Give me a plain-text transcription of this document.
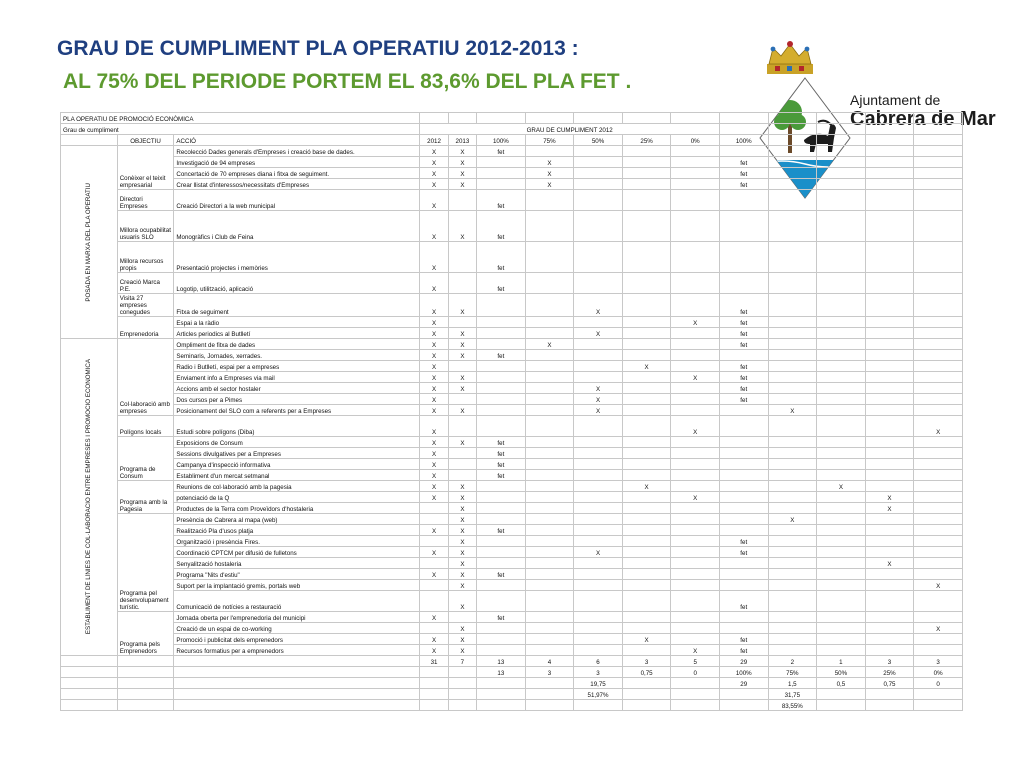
GRAU DE CUMPLIMENT PLA OPERATIU 2012-2013 :
AL 75% DEL PERIODE PORTEM EL 83,6% DEL PLA FET .
Ajuntament de
Cabrera de Mar
PLA OPERATIU DE PROMOCIÓ ECONÒMICA														
Grau de cumpliment			GRAU DE CUMPLIMENT 2012											
	OBJECTIU	ACCIÓ	2012	2013	100%	75%	50%	25%	0%	100%				

POSADA EN MARXA DEL PLA OPERATIU	Conèixer el teixit empresarial	Recolecció Dades generals d'Empreses i creació base de dades.	X	X	fet									
		Investigació de 94 empreses	X	X		X				fet				
		Concertació de 70 empreses diana i fitxa de seguiment.	X	X		X				fet				
		Crear llistat d'interessos/necessitats d'Empreses	X	X		X				fet				
	Directori Empreses	Creació Directori a la web municipal	X		fet									
	Millora ocupabilitat usuaris SLO	Monogràfics i Club de Feina	X	X	fet									
	Millora recursos propis	Presentació projectes i memòries	X		fet									
	Creació Marca P.E.	Logotip, utilització, aplicació	X		fet									
	Visita 27 empreses conegudes	Fitxa de seguiment	X	X			X			fet				
	Emprenedoria	Espai a la ràdio	X						X	fet				
		Articles periodics al Butlletí	X	X			X			fet				

ESTABLIMENT DE LÍNIES DE COL·LABORACIÓ ENTRE EMPRESES I PROMOCIÓ ECONÒMICA	Col·laboració amb empreses	Ompliment de fitxa de dades	X	X		X				fet				
		Seminaris, Jornades, xerrades.	X	X	fet									
		Radio i Butlletí, espai per a empreses	X					X		fet				
		Enviament info a Empreses via mail	X	X					X	fet				
		Accions amb el sector hostaler	X	X			X			fet				
		Dos cursos per a Pimes	X				X			fet				
		Posicionament del SLO com a referents per a Empreses	X	X			X				X			
	Polígons locals	Estudi sobre polígons (Diba)	X						X					X
	Programa de Consum	Exposicions de Consum	X	X	fet									
		Sessions divulgatives per a Empreses	X		fet									
		Campanya d'inspecció informativa	X		fet									
		Establiment d'un mercat setmanal	X		fet									
	Programa amb la Pagesia	Reunions de col·laboració amb la pagesia	X	X				X				X		
		potenciació de la Q	X	X					X				X	
		Productes de la Terra com Proveïdors d'hostaleria		X									X	
	Programa pel desenvolupament turístic.	Presència de Cabrera al mapa (web)		X							X			
		Realització Pla d'usos platja	X	X	fet									
		Organització i presència Fires.		X						fet				
		Coordinació CPTCM per difusió de fulletons	X	X			X			fet				
		Senyalització hostaleria		X									X	
		Programa "Nits d'estiu"	X	X	fet									
		Suport per la implantació gremis, portals web		X										X
		Comunicació de notícies a restauració		X						fet				
	Programa pels Emprenedors	Jornada oberta per l'emprenedoria del municipi	X		fet									
		Creació de un espai de co-working		X										X
		Promoció i publicitat dels emprenedors	X	X				X		fet				
		Recursos formatius per a emprenedors	X	X					X	fet				
			31	7	13	4	6	3	5	29	2	1	3	3
					13	3	3	0,75	0	100%	75%	50%	25%	0%
							19,75			29	1,5	0,5	0,75	0
							51,97%				31,75			
											83,55%			
